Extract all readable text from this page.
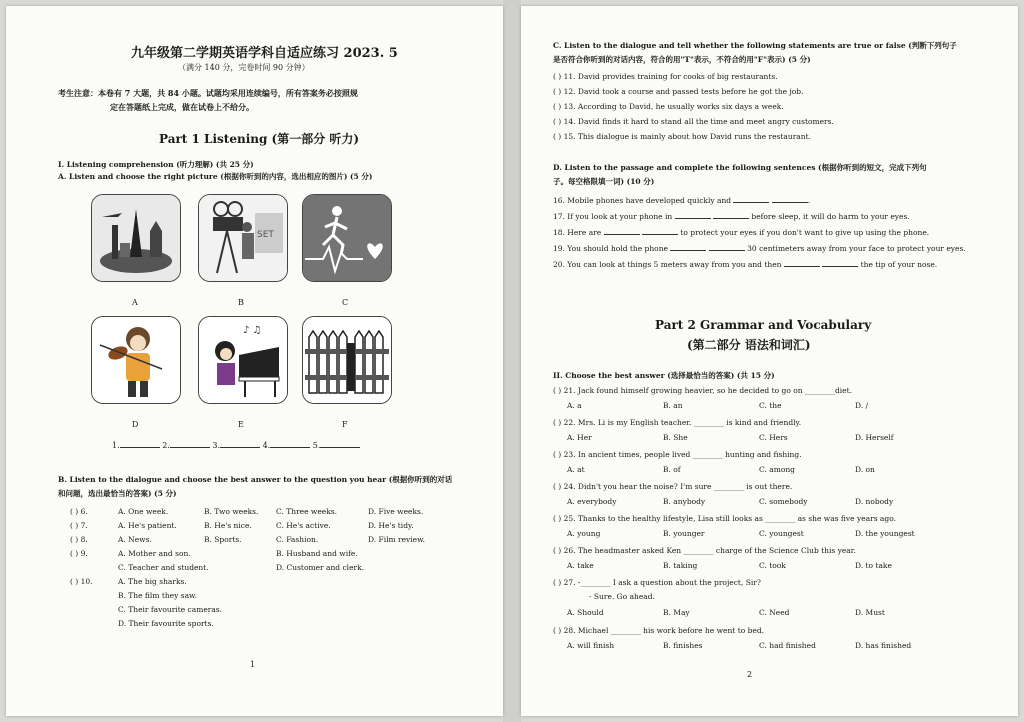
九年级第二学期英语学科自适应练习 2023. 5
（满分 140 分，完卷时间 90 分钟）
考生注意：本卷有 7 大题，共 84 小题。试题均采用连续编号，所有答案务必按照规
定在答题纸上完成，做在试卷上不给分。
Part 1 Listening (第一部分 听力)
I. Listening comprehension (听力理解) (共 25 分)
A. Listen and choose the right picture (根据你听到的内容，选出相应的图片) (5 分)
SET
A	B	C
♪ ♫
D	E	F
1.	2.	3.	4.	5.
B. Listen to the dialogue and choose the best answer to the question you hear (根据你听到的对话
和问题，选出最恰当的答案) (5 分)
( ) 6.	A. One week.	B. Two weeks. C. Three weeks.	D. Five weeks.
( ) 7.	A. He's patient.	B. He's nice.	C. He's active.	D. He's tidy.
( ) 8.	A. News.	B. Sports.	C. Fashion.	D. Film review.
( ) 9.	A. Mother and son.	B. Husband and wife.
C. Teacher and student.	D. Customer and clerk.
( ) 10.	A. The big sharks.
B. The film they saw.
C. Their favourite cameras.
D. Their favourite sports.
1
C. Listen to the dialogue and tell whether the following statements are true or false (判断下列句子
是否符合你听到的对话内容，符合的用"T"表示，不符合的用"F"表示) (5 分)
( ) 11. David provides training for cooks of big restaurants.
( ) 12. David took a course and passed tests before he got the job.
( ) 13. According to David, he usually works six days a week.
( ) 14. David finds it hard to stand all the time and meet angry customers.
( ) 15. This dialogue is mainly about how David runs the restaurant.
D. Listen to the passage and complete the following sentences (根据你听到的短文，完成下列句
子。每空格限填一词) (10 分)
16. Mobile phones have developed quickly and	.
17. If you look at your phone in	before sleep, it will do harm to your eyes.
18. Here are	to protect your eyes if you don't want to give up using the phone.
19. You should hold the phone	30 centimeters away from your face to protect your eyes.
20. You can look at things 5 meters away from you and then	the tip of your nose.
Part 2 Grammar and Vocabulary
(第二部分 语法和词汇)
II. Choose the best answer (选择最恰当的答案) (共 15 分)
( ) 21. Jack found himself growing heavier, so he decided to go on ________diet.
A. a	B. an	C. the	D. /
( ) 22. Mrs. Li is my English teacher. ________ is kind and friendly.
A. Her	B. She	C. Hers	D. Herself
( ) 23. In ancient times, people lived ________ hunting and fishing.
A. at	B. of	C. among	D. on
( ) 24. Didn't you hear the noise? I'm sure ________ is out there.
A. everybody	B. anybody	C. somebody	D. nobody
( ) 25. Thanks to the healthy lifestyle, Lisa still looks as ________ as she was five years ago.
A. young	B. younger	C. youngest	D. the youngest
( ) 26. The headmaster asked Ken ________ charge of the Science Club this year.
A. take	B. taking	C. took	D. to take
( ) 27. -________ I ask a question about the project, Sir?
- Sure. Go ahead.
A. Should	B. May	C. Need	D. Must
( ) 28. Michael ________ his work before he went to bed.
A. will finish	B. finishes	C. had finished	D. has finished
2
